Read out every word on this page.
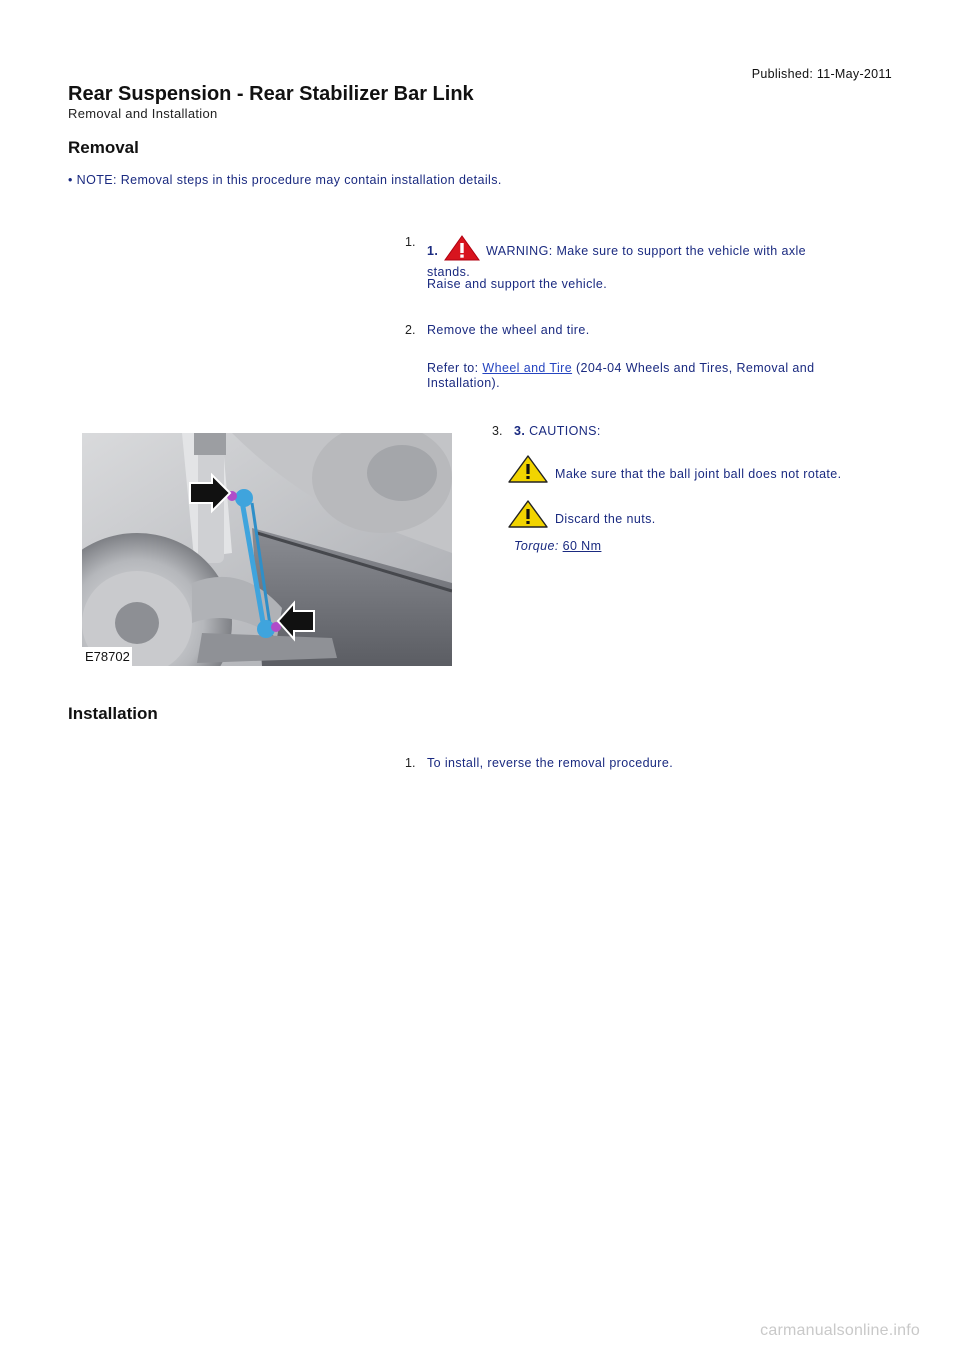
Published: 11-May-2011
Rear Suspension - Rear Stabilizer Bar Link
Removal and Installation
Removal
• NOTE: Removal steps in this procedure may contain installation details.
1.
1.	WARNING: Make sure to support the vehicle with axle
stands.
Raise and support the vehicle.
2. Remove the wheel and tire.
Refer to: Wheel and Tire (204-04 Wheels and Tires, Removal and
Installation).
3. 3. CAUTIONS:
Make sure that the ball joint ball does not rotate.
Discard the nuts.
Torque: 60 Nm
E78702
Installation
1. To install, reverse the removal procedure.
carmanualsonline.info
